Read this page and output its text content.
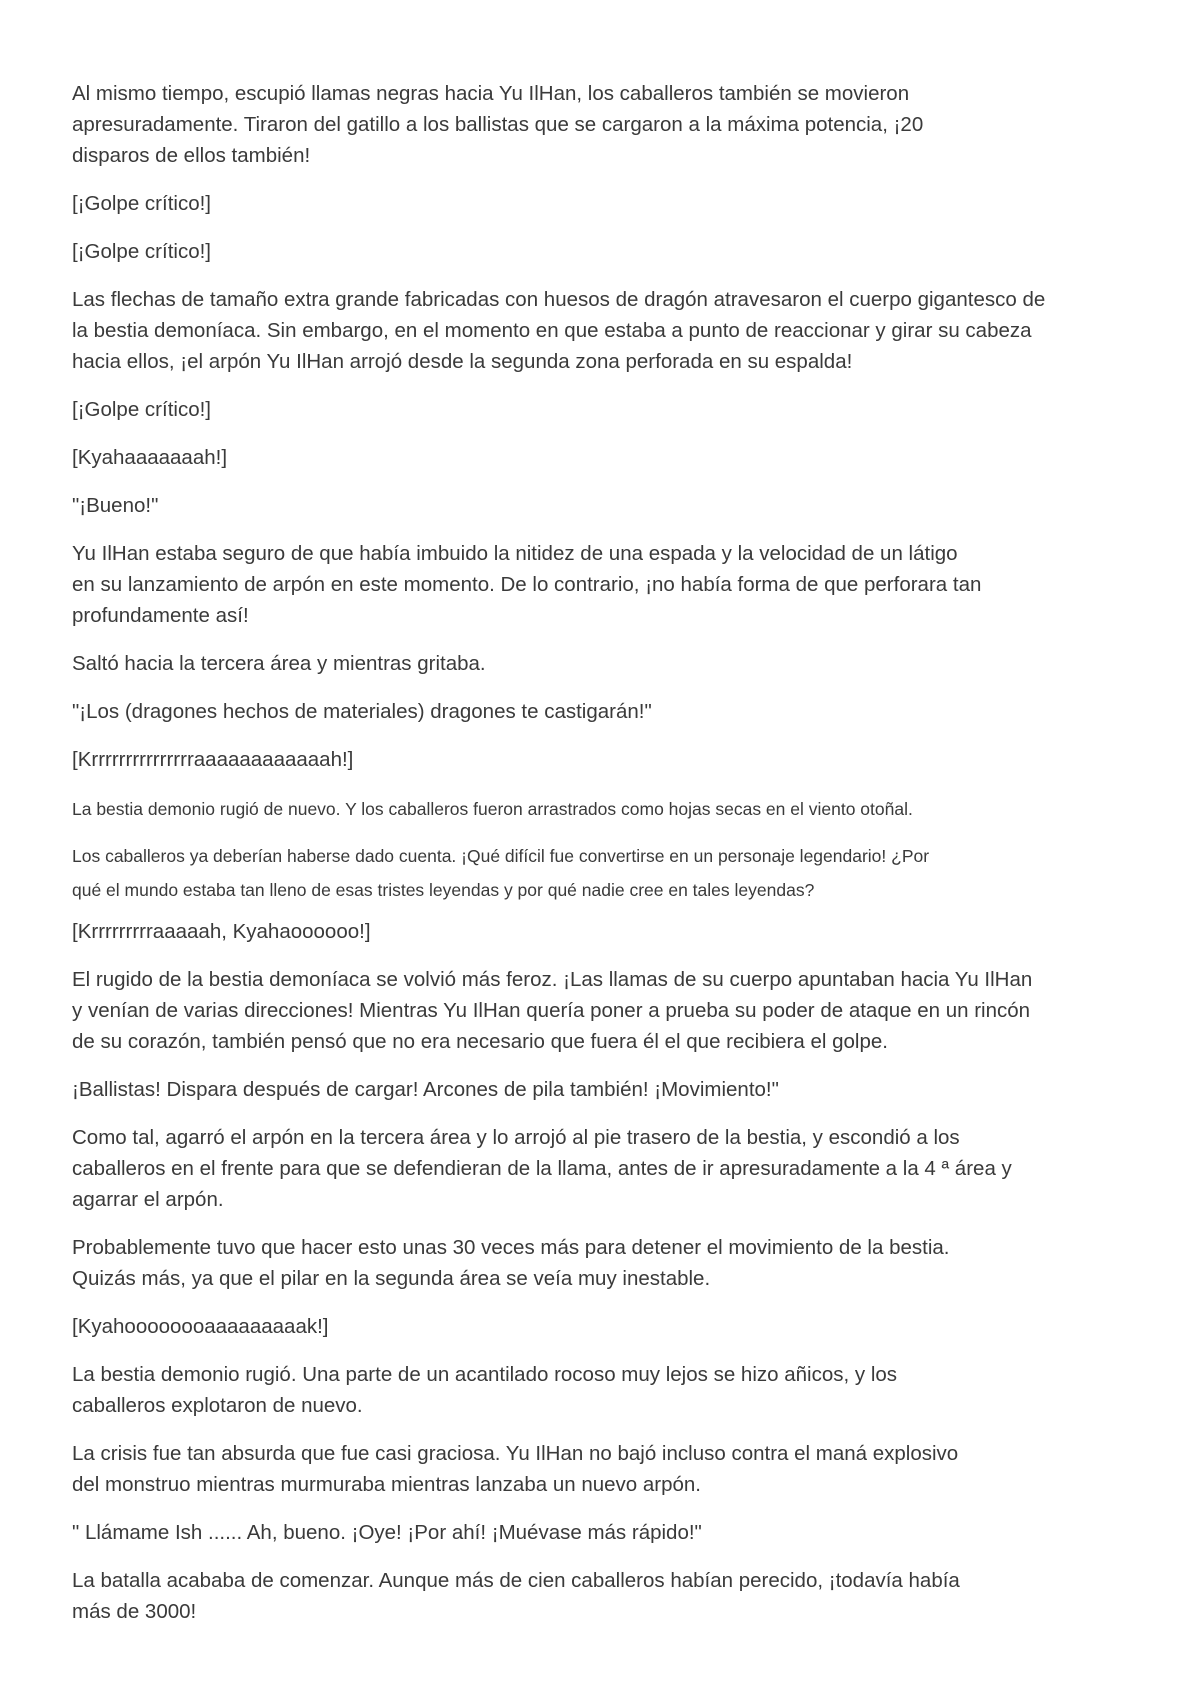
Al mismo tiempo, escupió llamas negras hacia Yu IlHan, los caballeros también se movieron
apresuradamente. Tiraron del gatillo a los ballistas que se cargaron a la máxima potencia, ¡20
disparos de ellos también!

[¡Golpe crítico!]

[¡Golpe crítico!]

Las flechas de tamaño extra grande fabricadas con huesos de dragón atravesaron el cuerpo gigantesco de
la bestia demoníaca. Sin embargo, en el momento en que estaba a punto de reaccionar y girar su cabeza
hacia ellos, ¡el arpón Yu IlHan arrojó desde la segunda zona perforada en su espalda!

[¡Golpe crítico!]

[Kyahaaaaaaah!]

"¡Bueno!"

Yu IlHan estaba seguro de que había imbuido la nitidez de una espada y la velocidad de un látigo
en su lanzamiento de arpón en este momento. De lo contrario, ¡no había forma de que perforara tan
profundamente así!

Saltó hacia la tercera área y mientras gritaba.

"¡Los (dragones hechos de materiales) dragones te castigarán!"

[Krrrrrrrrrrrrrrraaaaaaaaaaaah!]

La bestia demonio rugió de nuevo. Y los caballeros fueron arrastrados como hojas secas en el viento otoñal.

Los caballeros ya deberían haberse dado cuenta. ¡Qué difícil fue convertirse en un personaje legendario! ¿Por
qué el mundo estaba tan lleno de esas tristes leyendas y por qué nadie cree en tales leyendas?

[Krrrrrrrrraaaaah, Kyahaoooooo!]

El rugido de la bestia demoníaca se volvió más feroz. ¡Las llamas de su cuerpo apuntaban hacia Yu IlHan
y venían de varias direcciones! Mientras Yu IlHan quería poner a prueba su poder de ataque en un rincón
de su corazón, también pensó que no era necesario que fuera él el que recibiera el golpe.

¡Ballistas! Dispara después de cargar! Arcones de pila también! ¡Movimiento!"

Como tal, agarró el arpón en la tercera área y lo arrojó al pie trasero de la bestia, y escondió a los
caballeros en el frente para que se defendieran de la llama, antes de ir apresuradamente a la 4 ª área y
agarrar el arpón.

Probablemente tuvo que hacer esto unas 30 veces más para detener el movimiento de la bestia.
Quizás más, ya que el pilar en la segunda área se veía muy inestable.

[Kyahoooooooaaaaaaaaak!]

La bestia demonio rugió. Una parte de un acantilado rocoso muy lejos se hizo añicos, y los
caballeros explotaron de nuevo.

La crisis fue tan absurda que fue casi graciosa. Yu IlHan no bajó incluso contra el maná explosivo
del monstruo mientras murmuraba mientras lanzaba un nuevo arpón.

" Llámame Ish ...... Ah, bueno. ¡Oye! ¡Por ahí! ¡Muévase más rápido!"

La batalla acababa de comenzar. Aunque más de cien caballeros habían perecido, ¡todavía había
más de 3000!
